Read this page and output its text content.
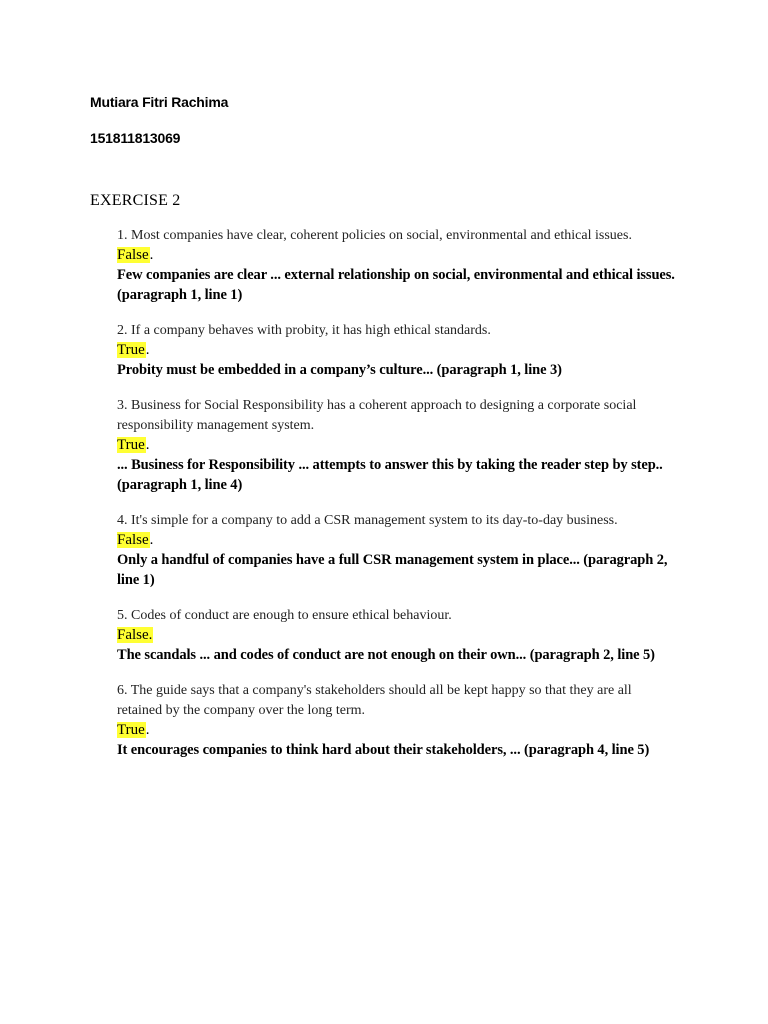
Mutiara Fitri Rachima
151811813069
EXERCISE 2
1. Most companies have clear, coherent policies on social, environmental and ethical issues.
False.
Few companies are clear ... external relationship on social, environmental and ethical issues. (paragraph 1, line 1)
2. If a company behaves with probity, it has high ethical standards.
True.
Probity must be embedded in a company’s culture... (paragraph 1, line 3)
3. Business for Social Responsibility has a coherent approach to designing a corporate social responsibility management system.
True.
... Business for Responsibility ... attempts to answer this by taking the reader step by step..(paragraph 1, line 4)
4. It's simple for a company to add a CSR management system to its day-to-day business.
False.
Only a handful of companies have a full CSR management system in place... (paragraph 2, line 1)
5. Codes of conduct are enough to ensure ethical behaviour.
False.
The scandals ... and codes of conduct are not enough on their own... (paragraph 2, line 5)
6. The guide says that a company's stakeholders should all be kept happy so that they are all retained by the company over the long term.
True.
It encourages companies to think hard about their stakeholders, ... (paragraph 4, line 5)
